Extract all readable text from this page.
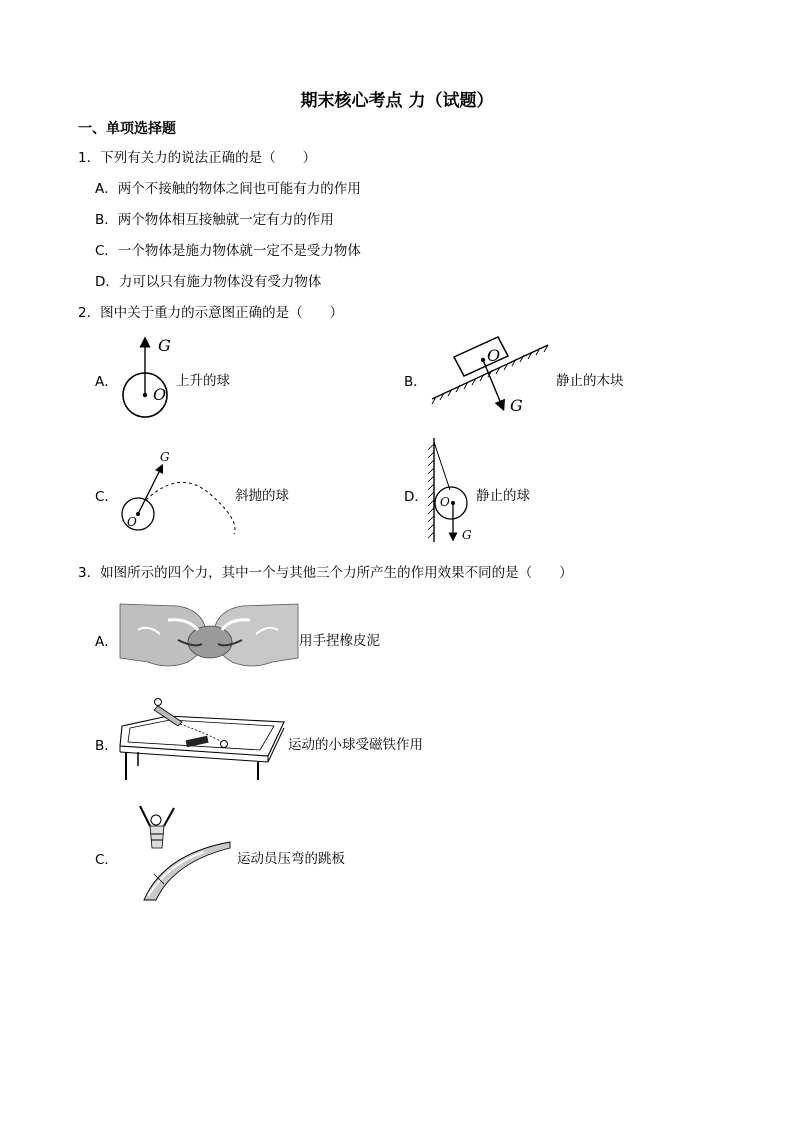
期末核心考点 力（试题）
一、单项选择题
1．下列有关力的说法正确的是（　　）
A．两个不接触的物体之间也可能有力的作用
B．两个物体相互接触就一定有力的作用
C．一个物体是施力物体就一定不是受力物体
D．力可以只有施力物体没有受力物体
2．图中关于重力的示意图正确的是（　　）
A．
G
O
上升的球	B．
O
G
静止的木块
C．
G
O
斜抛的球	D． O
G
静止的球
3．如图所示的四个力，其中一个与其他三个力所产生的作用效果不同的是（　　）
A．	用手捏橡皮泥
B．	运动的小球受磁铁作用
C．	运动员压弯的跳板
